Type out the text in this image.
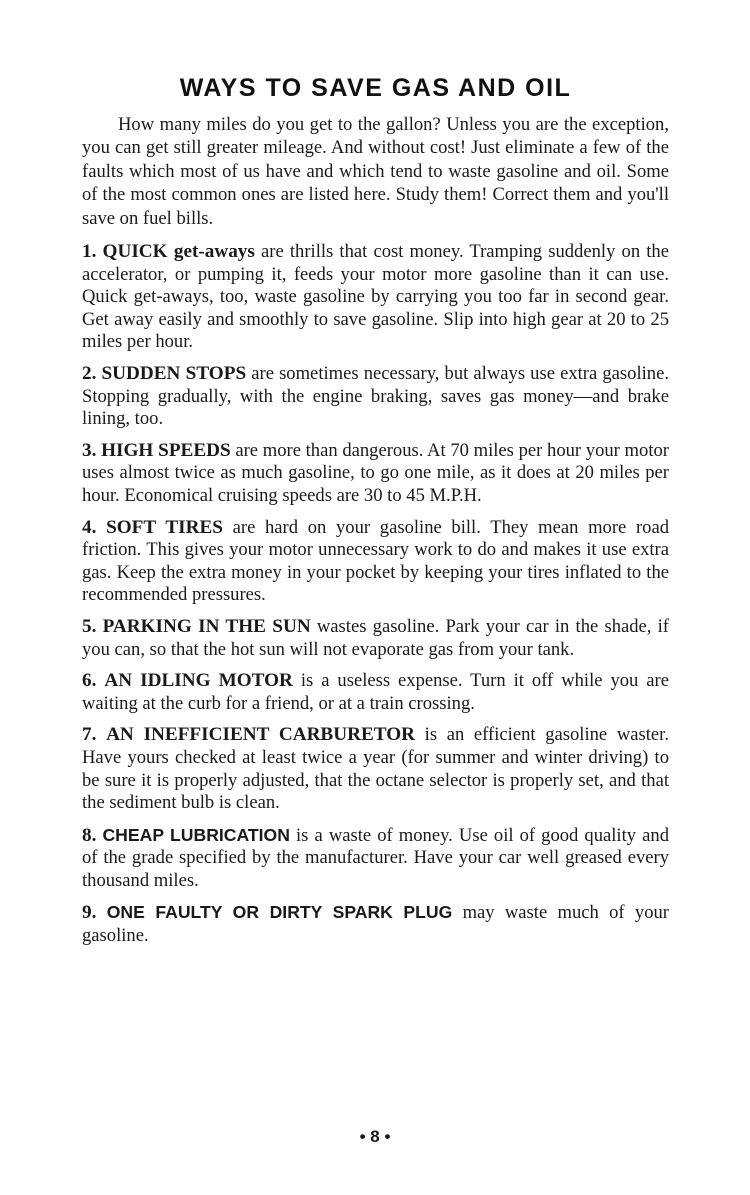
WAYS TO SAVE GAS AND OIL

How many miles do you get to the gallon? Unless you are the exception, you can get still greater mileage. And without cost! Just eliminate a few of the faults which most of us have and which tend to waste gasoline and oil. Some of the most common ones are listed here. Study them! Correct them and you'll save on fuel bills.

1. QUICK get-aways are thrills that cost money. Tramping suddenly on the accelerator, or pumping it, feeds your motor more gasoline than it can use. Quick get-aways, too, waste gasoline by carrying you too far in second gear. Get away easily and smoothly to save gasoline. Slip into high gear at 20 to 25 miles per hour.

2. SUDDEN STOPS are sometimes necessary, but always use extra gasoline. Stopping gradually, with the engine braking, saves gas money—and brake lining, too.

3. HIGH SPEEDS are more than dangerous. At 70 miles per hour your motor uses almost twice as much gasoline, to go one mile, as it does at 20 miles per hour. Economical cruising speeds are 30 to 45 M.P.H.

4. SOFT TIRES are hard on your gasoline bill. They mean more road friction. This gives your motor unnecessary work to do and makes it use extra gas. Keep the extra money in your pocket by keeping your tires inflated to the recommended pressures.

5. PARKING IN THE SUN wastes gasoline. Park your car in the shade, if you can, so that the hot sun will not evaporate gas from your tank.

6. AN IDLING MOTOR is a useless expense. Turn it off while you are waiting at the curb for a friend, or at a train crossing.

7. AN INEFFICIENT CARBURETOR is an efficient gasoline waster. Have yours checked at least twice a year (for summer and winter driving) to be sure it is properly adjusted, that the octane selector is properly set, and that the sediment bulb is clean.

8. CHEAP LUBRICATION is a waste of money. Use oil of good quality and of the grade specified by the manufacturer. Have your car well greased every thousand miles.

9. ONE FAULTY OR DIRTY SPARK PLUG may waste much of your gasoline.

• 8 •
